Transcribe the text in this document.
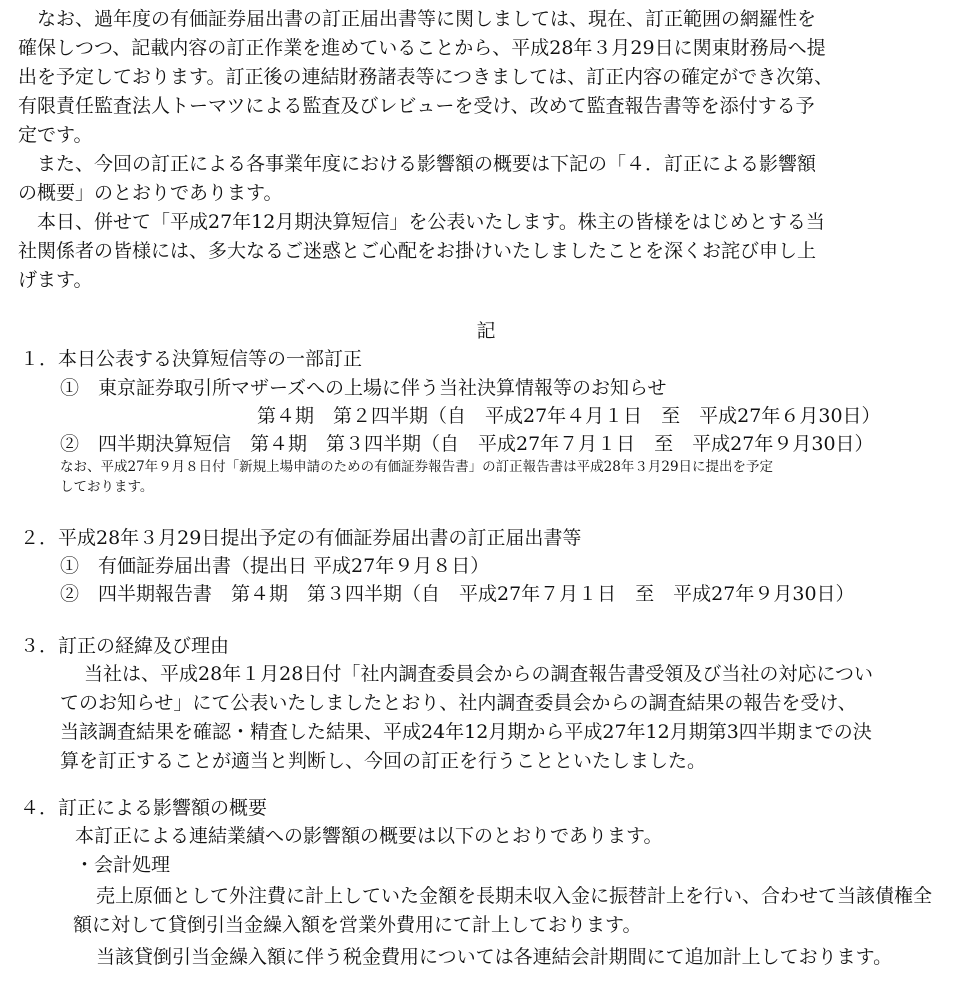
　なお、過年度の有価証券届出書の訂正届出書等に関しましては、現在、訂正範囲の網羅性を
確保しつつ、記載内容の訂正作業を進めていることから、平成28年３月29日に関東財務局へ提
出を予定しております。訂正後の連結財務諸表等につきましては、訂正内容の確定ができ次第、
有限責任監査法人トーマツによる監査及びレビューを受け、改めて監査報告書等を添付する予
定です。
　また、今回の訂正による各事業年度における影響額の概要は下記の「４．訂正による影響額
の概要」のとおりであります。
　本日、併せて「平成27年12月期決算短信」を公表いたします。株主の皆様をはじめとする当
社関係者の皆様には、多大なるご迷惑とご心配をお掛けいたしましたことを深くお詫び申し上
げます。
記
１．本日公表する決算短信等の一部訂正
①　東京証券取引所マザーズへの上場に伴う当社決算情報等のお知らせ
第４期　第２四半期（自　平成27年４月１日　至　平成27年６月30日）
②　四半期決算短信　第４期　第３四半期（自　平成27年７月１日　至　平成27年９月30日）
なお、平成27年９月８日付「新規上場申請のための有価証券報告書」の訂正報告書は平成28年３月29日に提出を予定
しております。
２．平成28年３月29日提出予定の有価証券届出書の訂正届出書等
①　有価証券届出書（提出日 平成27年９月８日）
②　四半期報告書　第４期　第３四半期（自　平成27年７月１日　至　平成27年９月30日）
３．訂正の経緯及び理由
当社は、平成28年１月28日付「社内調査委員会からの調査報告書受領及び当社の対応につい
てのお知らせ」にて公表いたしましたとおり、社内調査委員会からの調査結果の報告を受け、
当該調査結果を確認・精査した結果、平成24年12月期から平成27年12月期第3四半期までの決
算を訂正することが適当と判断し、今回の訂正を行うことといたしました。
４．訂正による影響額の概要
本訂正による連結業績への影響額の概要は以下のとおりであります。
・会計処理
売上原価として外注費に計上していた金額を長期未収入金に振替計上を行い、合わせて当該債権全
額に対して貸倒引当金繰入額を営業外費用にて計上しております。
当該貸倒引当金繰入額に伴う税金費用については各連結会計期間にて追加計上しております。
